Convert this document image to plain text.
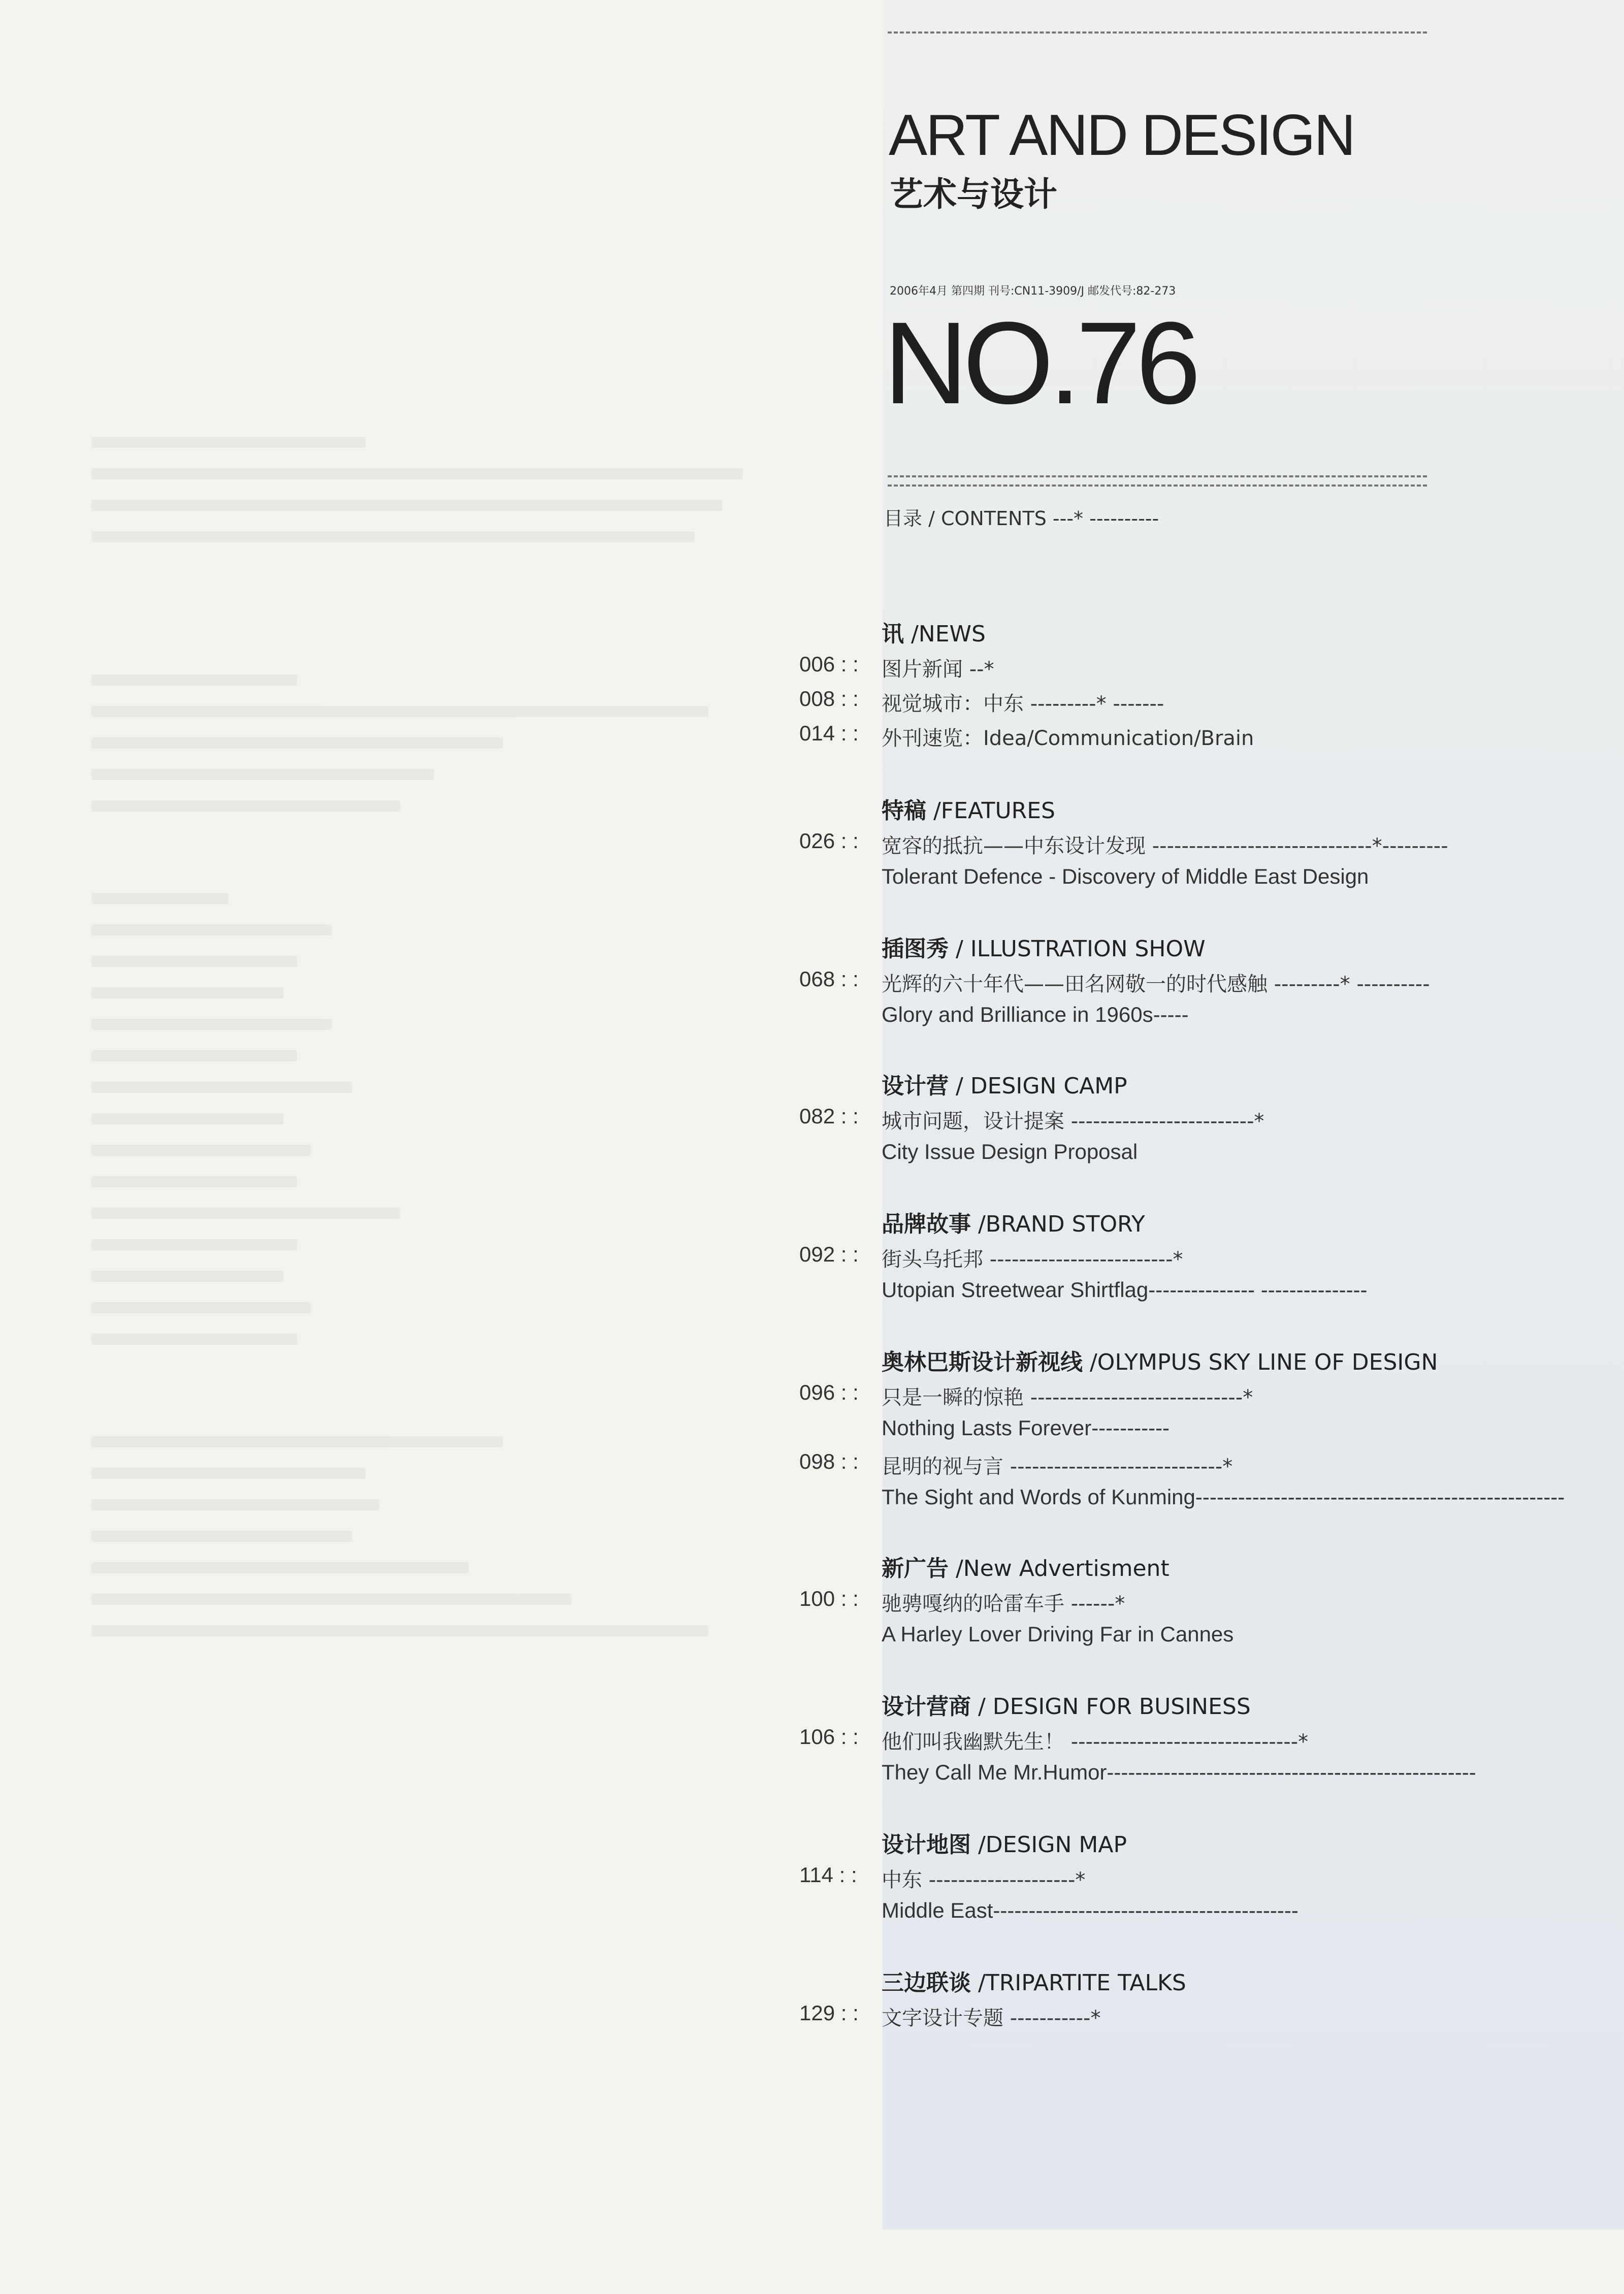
ART AND DESIGN
艺术与设计
2006年4月 第四期 刊号:CN11-3909/J 邮发代号:82-273
NO.76
目录 / CONTENTS ---* ----------
讯 /NEWS
006 : :	图片新闻 --*
008 : :	视觉城市：中东 ---------* -------
014 : :	外刊速览：Idea/Communication/Brain
特稿 /FEATURES
026 : :	宽容的抵抗——中东设计发现 ------------------------------*---------
Tolerant Defence - Discovery of Middle East Design
插图秀 / ILLUSTRATION SHOW
068 : :	光辉的六十年代——田名网敬一的时代感触 ---------* ----------
Glory and Brilliance in 1960s-----
设计营 / DESIGN CAMP
082 : :	城市问题，设计提案 -------------------------*
City Issue Design Proposal
品牌故事 /BRAND STORY
092 : :	街头乌托邦 -------------------------*
Utopian Streetwear Shirtflag--------------- ---------------
奥林巴斯设计新视线 /OLYMPUS SKY LINE OF DESIGN
096 : :	只是一瞬的惊艳 -----------------------------*
Nothing Lasts Forever-----------
098 : :	昆明的视与言 -----------------------------*
The Sight and Words of Kunming----------------------------------------------------
新广告 /New Advertisment
100 : :	驰骋嘎纳的哈雷车手 ------*
A Harley Lover Driving Far in Cannes
设计营商 / DESIGN FOR BUSINESS
106 : :	他们叫我幽默先生！ -------------------------------*
They Call Me Mr.Humor----------------------------------------------------
设计地图 /DESIGN MAP
114 : :	中东 --------------------*
Middle East-------------------------------------------
三边联谈 /TRIPARTITE TALKS
129 : :	文字设计专题 -----------*
